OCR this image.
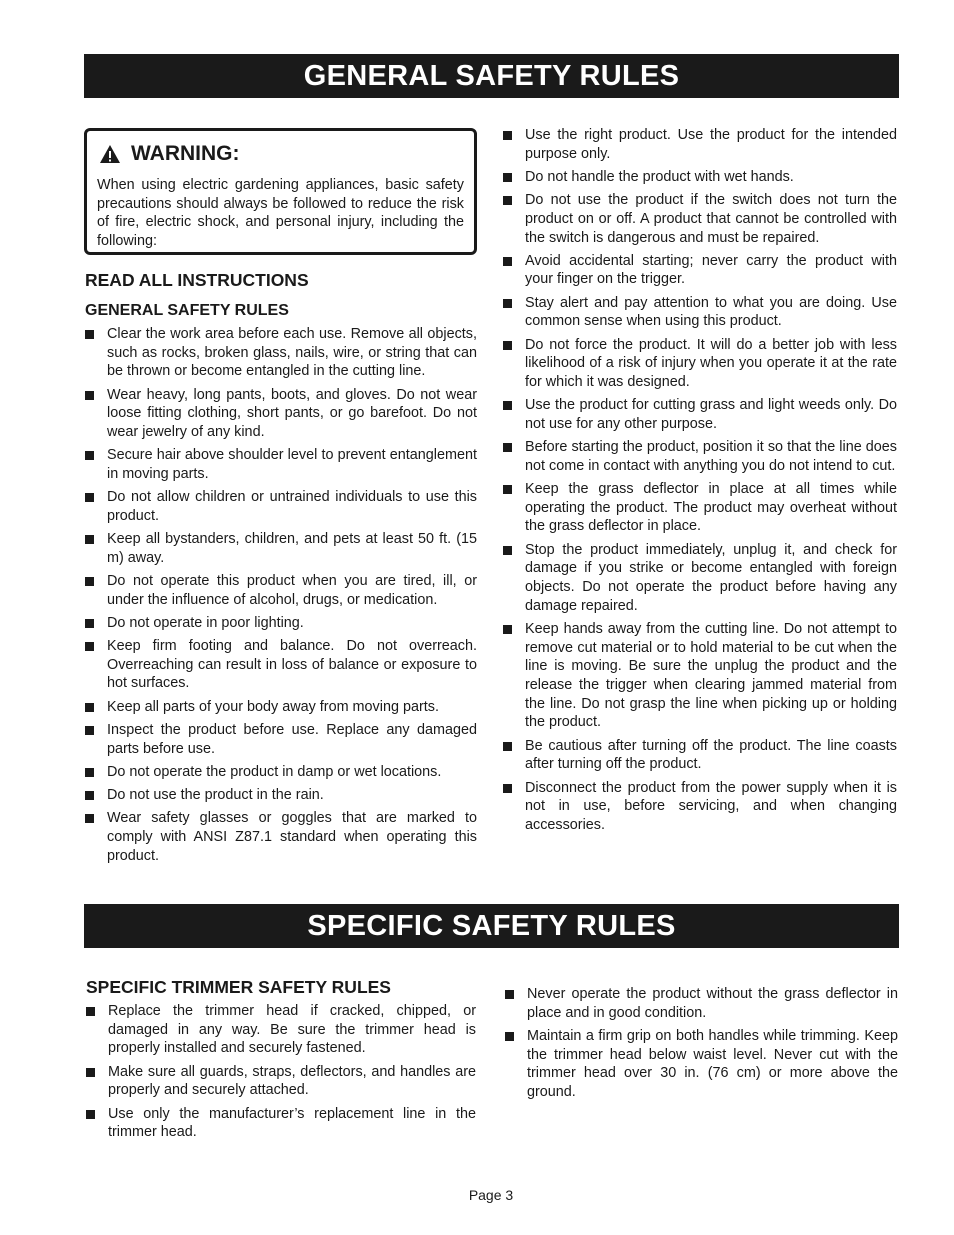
GENERAL SAFETY RULES
WARNING:
When using electric gardening appliances, basic safety precautions should always be followed to reduce the risk of fire, electric shock, and personal injury, including the following:
READ ALL INSTRUCTIONS
GENERAL SAFETY RULES
Clear the work area before each use. Remove all objects, such as rocks, broken glass, nails, wire, or string that can be thrown or become entangled in the cutting line.
Wear heavy, long pants, boots, and gloves. Do not wear loose fitting clothing, short pants, or go barefoot. Do not wear jewelry of any kind.
Secure hair above shoulder level to prevent entanglement in moving parts.
Do not allow children or untrained individuals to use this product.
Keep all bystanders, children, and pets at least 50 ft. (15 m) away.
Do not operate this product when you are tired, ill, or under the influence of alcohol, drugs, or medication.
Do not operate in poor lighting.
Keep firm footing and balance. Do not overreach. Overreaching can result in loss of balance or exposure to hot surfaces.
Keep all parts of your body away from moving parts.
Inspect the product before use. Replace any damaged parts before use.
Do not operate the product in damp or wet locations.
Do not use the product in the rain.
Wear safety glasses or goggles that are marked to comply with ANSI Z87.1 standard when operating this product.
Use the right product. Use the product for the intended purpose only.
Do not handle the product with wet hands.
Do not use the product if the switch does not turn the product on or off. A product that cannot be controlled with the switch is dangerous and must be repaired.
Avoid accidental starting; never carry the product with your finger on the trigger.
Stay alert and pay attention to what you are doing. Use common sense when using this product.
Do not force the product. It will do a better job with less likelihood of a risk of injury when you operate it at the rate for which it was designed.
Use the product for cutting grass and light weeds only. Do not use for any other purpose.
Before starting the product, position it so that the line does not come in contact with anything you do not intend to cut.
Keep the grass deflector in place at all times while operating the product. The product may overheat without the grass deflector in place.
Stop the product immediately, unplug it, and check for damage if you strike or become entangled with foreign objects. Do not operate the product before having any damage repaired.
Keep hands away from the cutting line. Do not attempt to remove cut material or to hold material to be cut when the line is moving. Be sure the unplug the product and the release the trigger when clearing jammed material from the line. Do not grasp the line when picking up or holding the product.
Be cautious after turning off the product. The line coasts after turning off the product.
Disconnect the product from the power supply when it is not in use, before servicing, and when changing accessories.
SPECIFIC SAFETY RULES
SPECIFIC TRIMMER SAFETY RULES
Replace the trimmer head if cracked, chipped, or damaged in any way. Be sure the trimmer head is properly installed and securely fastened.
Make sure all guards, straps, deflectors, and handles are properly and securely attached.
Use only the manufacturer’s replacement line in the trimmer head.
Never operate the product without the grass deflector in place and in good condition.
Maintain a firm grip on both handles while trimming. Keep the trimmer head below waist level. Never cut with the trimmer head over 30 in. (76 cm) or more above the ground.
Page 3
